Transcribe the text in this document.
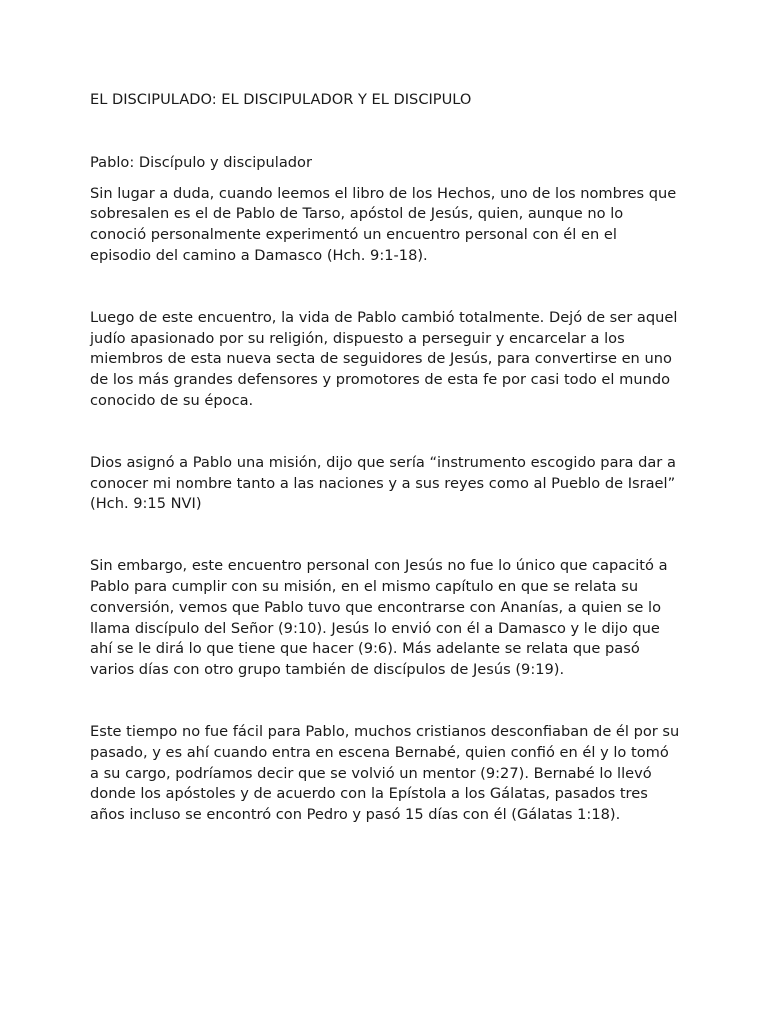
EL DISCIPULADO: EL DISCIPULADOR Y EL DISCIPULO

Pablo: Discípulo y discipulador

Sin lugar a duda, cuando leemos el libro de los Hechos, uno de los nombres que sobresalen es el de Pablo de Tarso, apóstol de Jesús, quien, aunque no lo conoció personalmente experimentó un encuentro personal con él en el episodio del camino a Damasco (Hch. 9:1-18).

Luego de este encuentro, la vida de Pablo cambió totalmente. Dejó de ser aquel judío apasionado por su religión, dispuesto a perseguir y encarcelar a los miembros de esta nueva secta de seguidores de Jesús, para convertirse en uno de los más grandes defensores y promotores de esta fe por casi todo el mundo conocido de su época.

Dios asignó a Pablo una misión, dijo que sería “instrumento escogido para dar a conocer mi nombre tanto a las naciones y a sus reyes como al Pueblo de Israel” (Hch. 9:15 NVI)

Sin embargo, este encuentro personal con Jesús no fue lo único que capacitó a Pablo para cumplir con su misión, en el mismo capítulo en que se relata su conversión, vemos que Pablo tuvo que encontrarse con Ananías, a quien se lo llama discípulo del Señor (9:10). Jesús lo envió con él a Damasco y le dijo que ahí se le dirá lo que tiene que hacer (9:6). Más adelante se relata que pasó varios días con otro grupo también de discípulos de Jesús (9:19).

Este tiempo no fue fácil para Pablo, muchos cristianos desconfiaban de él por su pasado, y es ahí cuando entra en escena Bernabé, quien confió en él y lo tomó a su cargo, podríamos decir que se volvió un mentor (9:27). Bernabé lo llevó donde los apóstoles y de acuerdo con la Epístola a los Gálatas, pasados tres años incluso se encontró con Pedro y pasó 15 días con él (Gálatas 1:18).
